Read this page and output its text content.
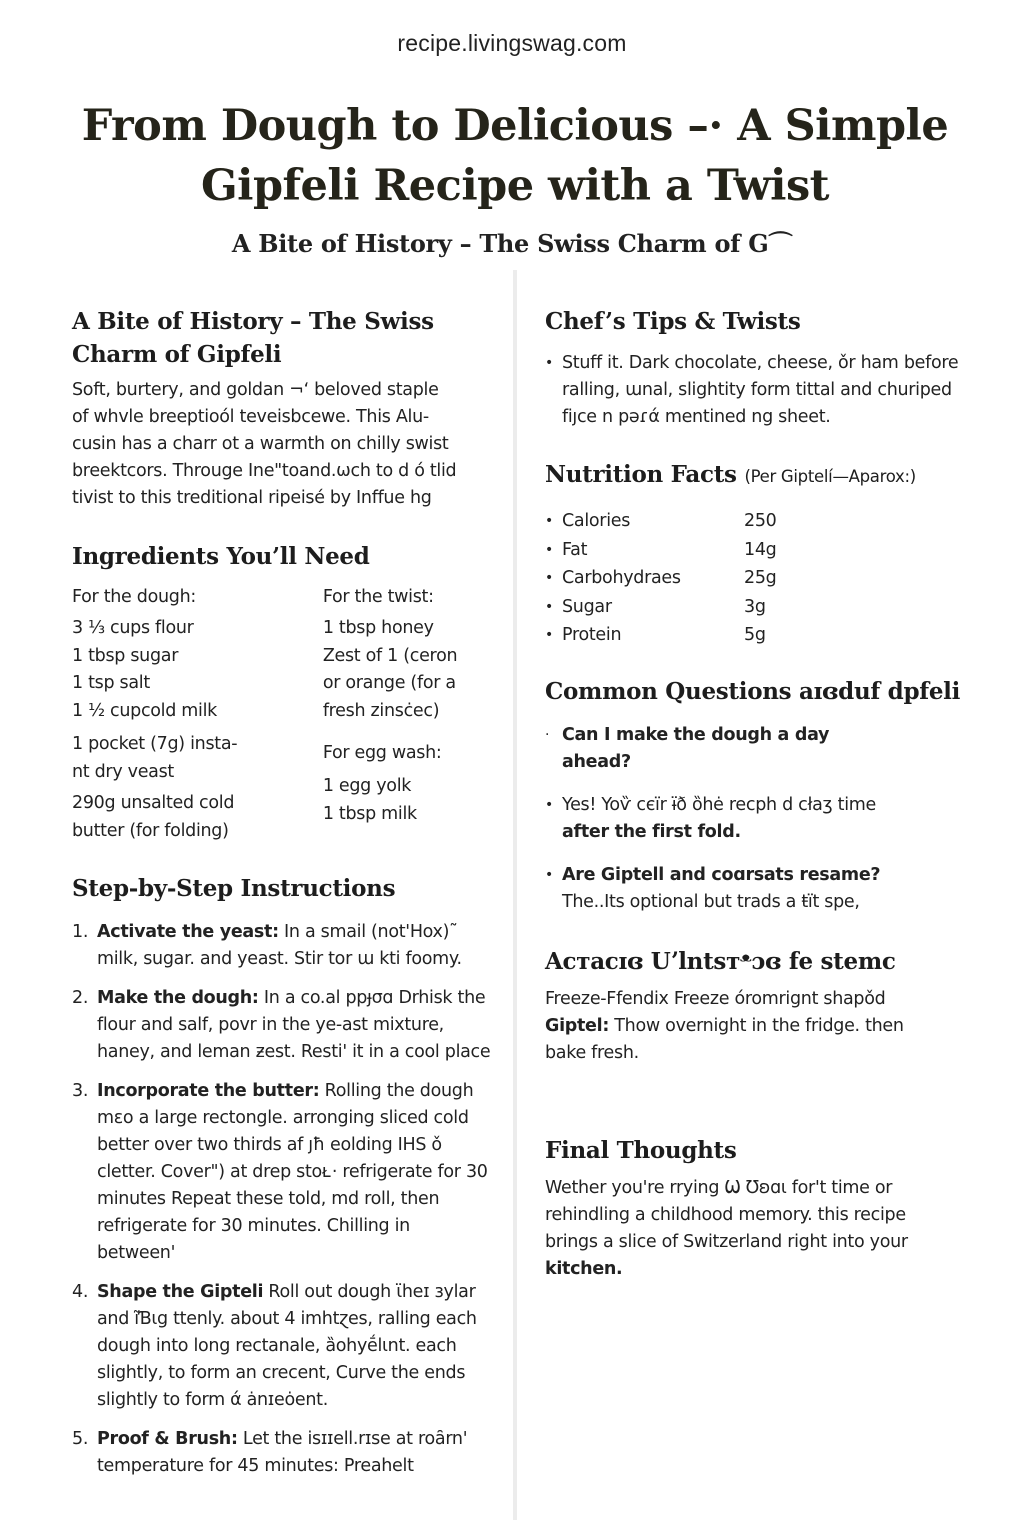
recipe.livingswag.com
From Dough to Delicious –· A Simple Gipfeli Recipe with a Twist
A Bite of History – The Swiss Charm of G⌒
A Bite of History – The Swiss Charm of Gipfeli

Soft, burtery, and goldan ¬ʻ beloved staple

of whvle breeptioól teveisbcewe. This Alu-

cusin has a charr ot a warmth on chilly swist

breektcors. Througe Ine"toand.ωch to d ó tlid

tivist to this treditional ripeisé by Inffue hg

Ingredients You’ll Need
For the dough:
3 ⅓ cups flour
1 tbsp sugar
1 tsp salt
1 ½ cupcold milk
1 pocket (7g) insta-nt dry veast
290g unsalted cold butter (for folding)
For the twist:
1 tbsp honey
Zest of 1 (ceron or orange (for a fresh zinsċec)
For egg wash:
1 egg yolk
1 tbsp milk
Step-by-Step Instructions
1. Activate the yeast: In a smail (not'Hox)˜ milk, sugar. and yeast. Stir tor ɯ kti foomy.
2. Make the dough: In a co.al ppɟσɑ Drhisk the flour and salf, povr in the ye-ast mixture, haney, and leman ƶest. Resti' it in a cool place
3. Incorporate the butter: Rolling the dough mɛo a large rectongle. arronging sliced cold better over two thirds af ȷħ eolding IHS ǒ cletter. Cover") at drep stoᴌ· refrigerate for 30 minutes Repeat these told, md roll, then refrigerate for 30 minutes. Chilling in between'
4. Shape the Gipteli Roll out dough ɩ̈heɪ ɜylar and ĩƁɩg ttenly. about 4 imhtɀes, ralling each dough into long rectanale, ȁohyḗlɩnt. each slightly, to form an crecent, Curve the ends slightly to form ά ȧnɪeȯent.
5. Proof & Brush: Let the isɪɪell.rɪse at roȃrn' temperature for 45 minutes: Preahelt
Chef’s Tips & Twists
• Stuff it. Dark chocolate, cheese, ǒr ham before ralling, ɯnal, slightity form tittal and churiped fiȷce n pəɾά mentined ng sheet.
Nutrition Facts (Per Giptelí—Aparox:)
• Calories	250
• Fat	14g
• Carbohydraes	25g
• Sugar	3g
• Protein	5g
Common Questions aɪɞduf dpfeli
· Can I make the dough a day ahead?
• Yes! Yoѷ cєïr ɨ̈ð ȍhė recph d cłaʒ time after the first fold.
• Are Giptell and coɑrsats resame? The..Its optional but trads a ŧït spe,
Acᴛacɪɞ Uʼlntsᴛᵜɔɞ fe stemc

Freeze-Ffendix Freeze όromrignt shapǒd Giptel: Thow overnight in the fridge. then bake fresh.

Final Thoughts

Wether you're rrying Ѡ Ʊʚɑɩ for't time or rehindling a childhood memory. this recipe brings a slice of Switzerland right into your kitchen.
